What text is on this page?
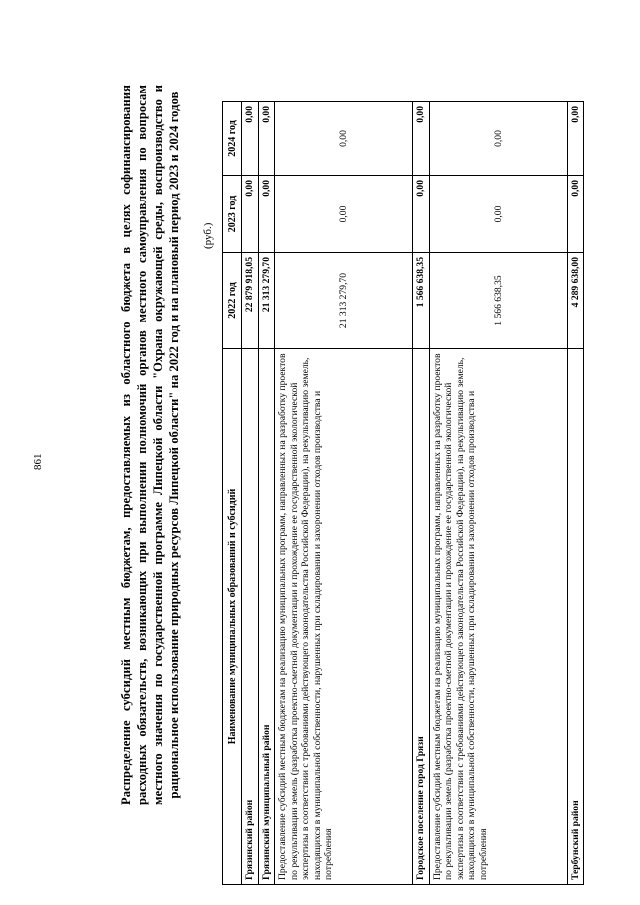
861	Распределение субсидий местным бюджетам, предоставляемых из областного бюджета в целях софинансирования расходных обязательств, возникающих при выполнении полномочий органов местного самоуправления по вопросам местного значения по государственной программе Липецкой области "Охрана окружающей среды, воспроизводство и рациональное использование природных ресурсов Липецкой области" на 2022 год и на плановый период 2023 и 2024 годов (руб.)
Наименование муниципальных образований и субсидий	2022 год	2023 год	2024 год
Грязинский район	22 879 918,05	0,00	0,00
Грязинский муниципальный район	21 313 279,70	0,00	0,00
Предоставление субсидий местным бюджетам на реализацию муниципальных программ, направленных на разработку проектов по рекультивации земель (разработка проектно-сметной документации и прохождение ее государственной экологической экспертизы в соответствии с требованиями действующего законодательства Российской Федерации), на рекультивацию земель, находящихся в муниципальной собственности, нарушенных при складировании и захоронении отходов производства и потребления	21 313 279,70	0,00	0,00
Городское поселение город Грязи	1 566 638,35	0,00	0,00
Предоставление субсидий местным бюджетам на реализацию муниципальных программ, направленных на разработку проектов по рекультивации земель (разработка проектно-сметной документации и прохождение ее государственной экологической экспертизы в соответствии с требованиями действующего законодательства Российской Федерации), на рекультивацию земель, находящихся в муниципальной собственности, нарушенных при складировании и захоронении отходов производства и потребления	1 566 638,35	0,00	0,00
Тербунский район	4 289 638,00	0,00	0,00
